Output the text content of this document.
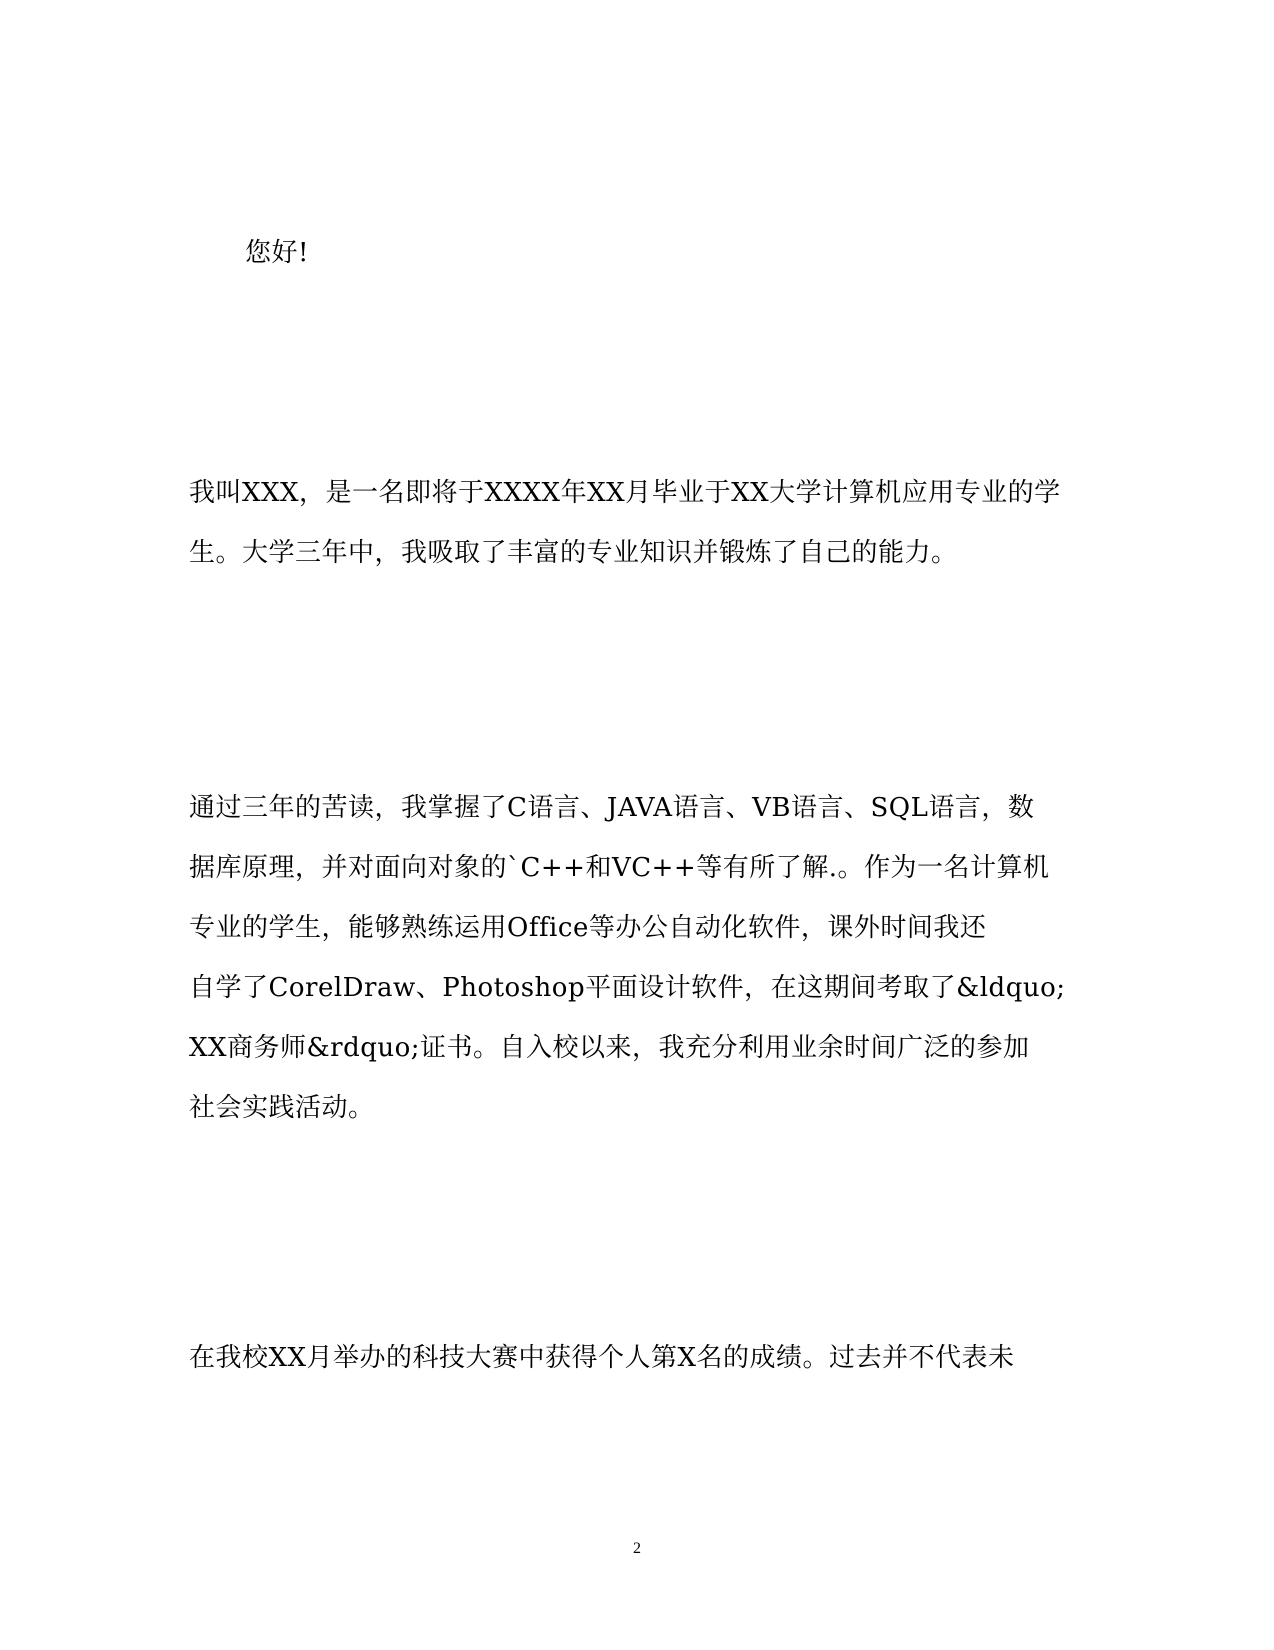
您好!
我叫XXX，是一名即将于XXXX年XX月毕业于XX大学计算机应用专业的学
生。大学三年中，我吸取了丰富的专业知识并锻炼了自己的能力。
通过三年的苦读，我掌握了C语言、JAVA语言、VB语言、SQL语言，数
据库原理，并对面向对象的`C++和VC++等有所了解.。作为一名计算机
专业的学生，能够熟练运用Office等办公自动化软件，课外时间我还
自学了CorelDraw、Photoshop平面设计软件，在这期间考取了&ldquo;
XX商务师&rdquo;证书。自入校以来，我充分利用业余时间广泛的参加
社会实践活动。
在我校XX月举办的科技大赛中获得个人第X名的成绩。过去并不代表未
2
